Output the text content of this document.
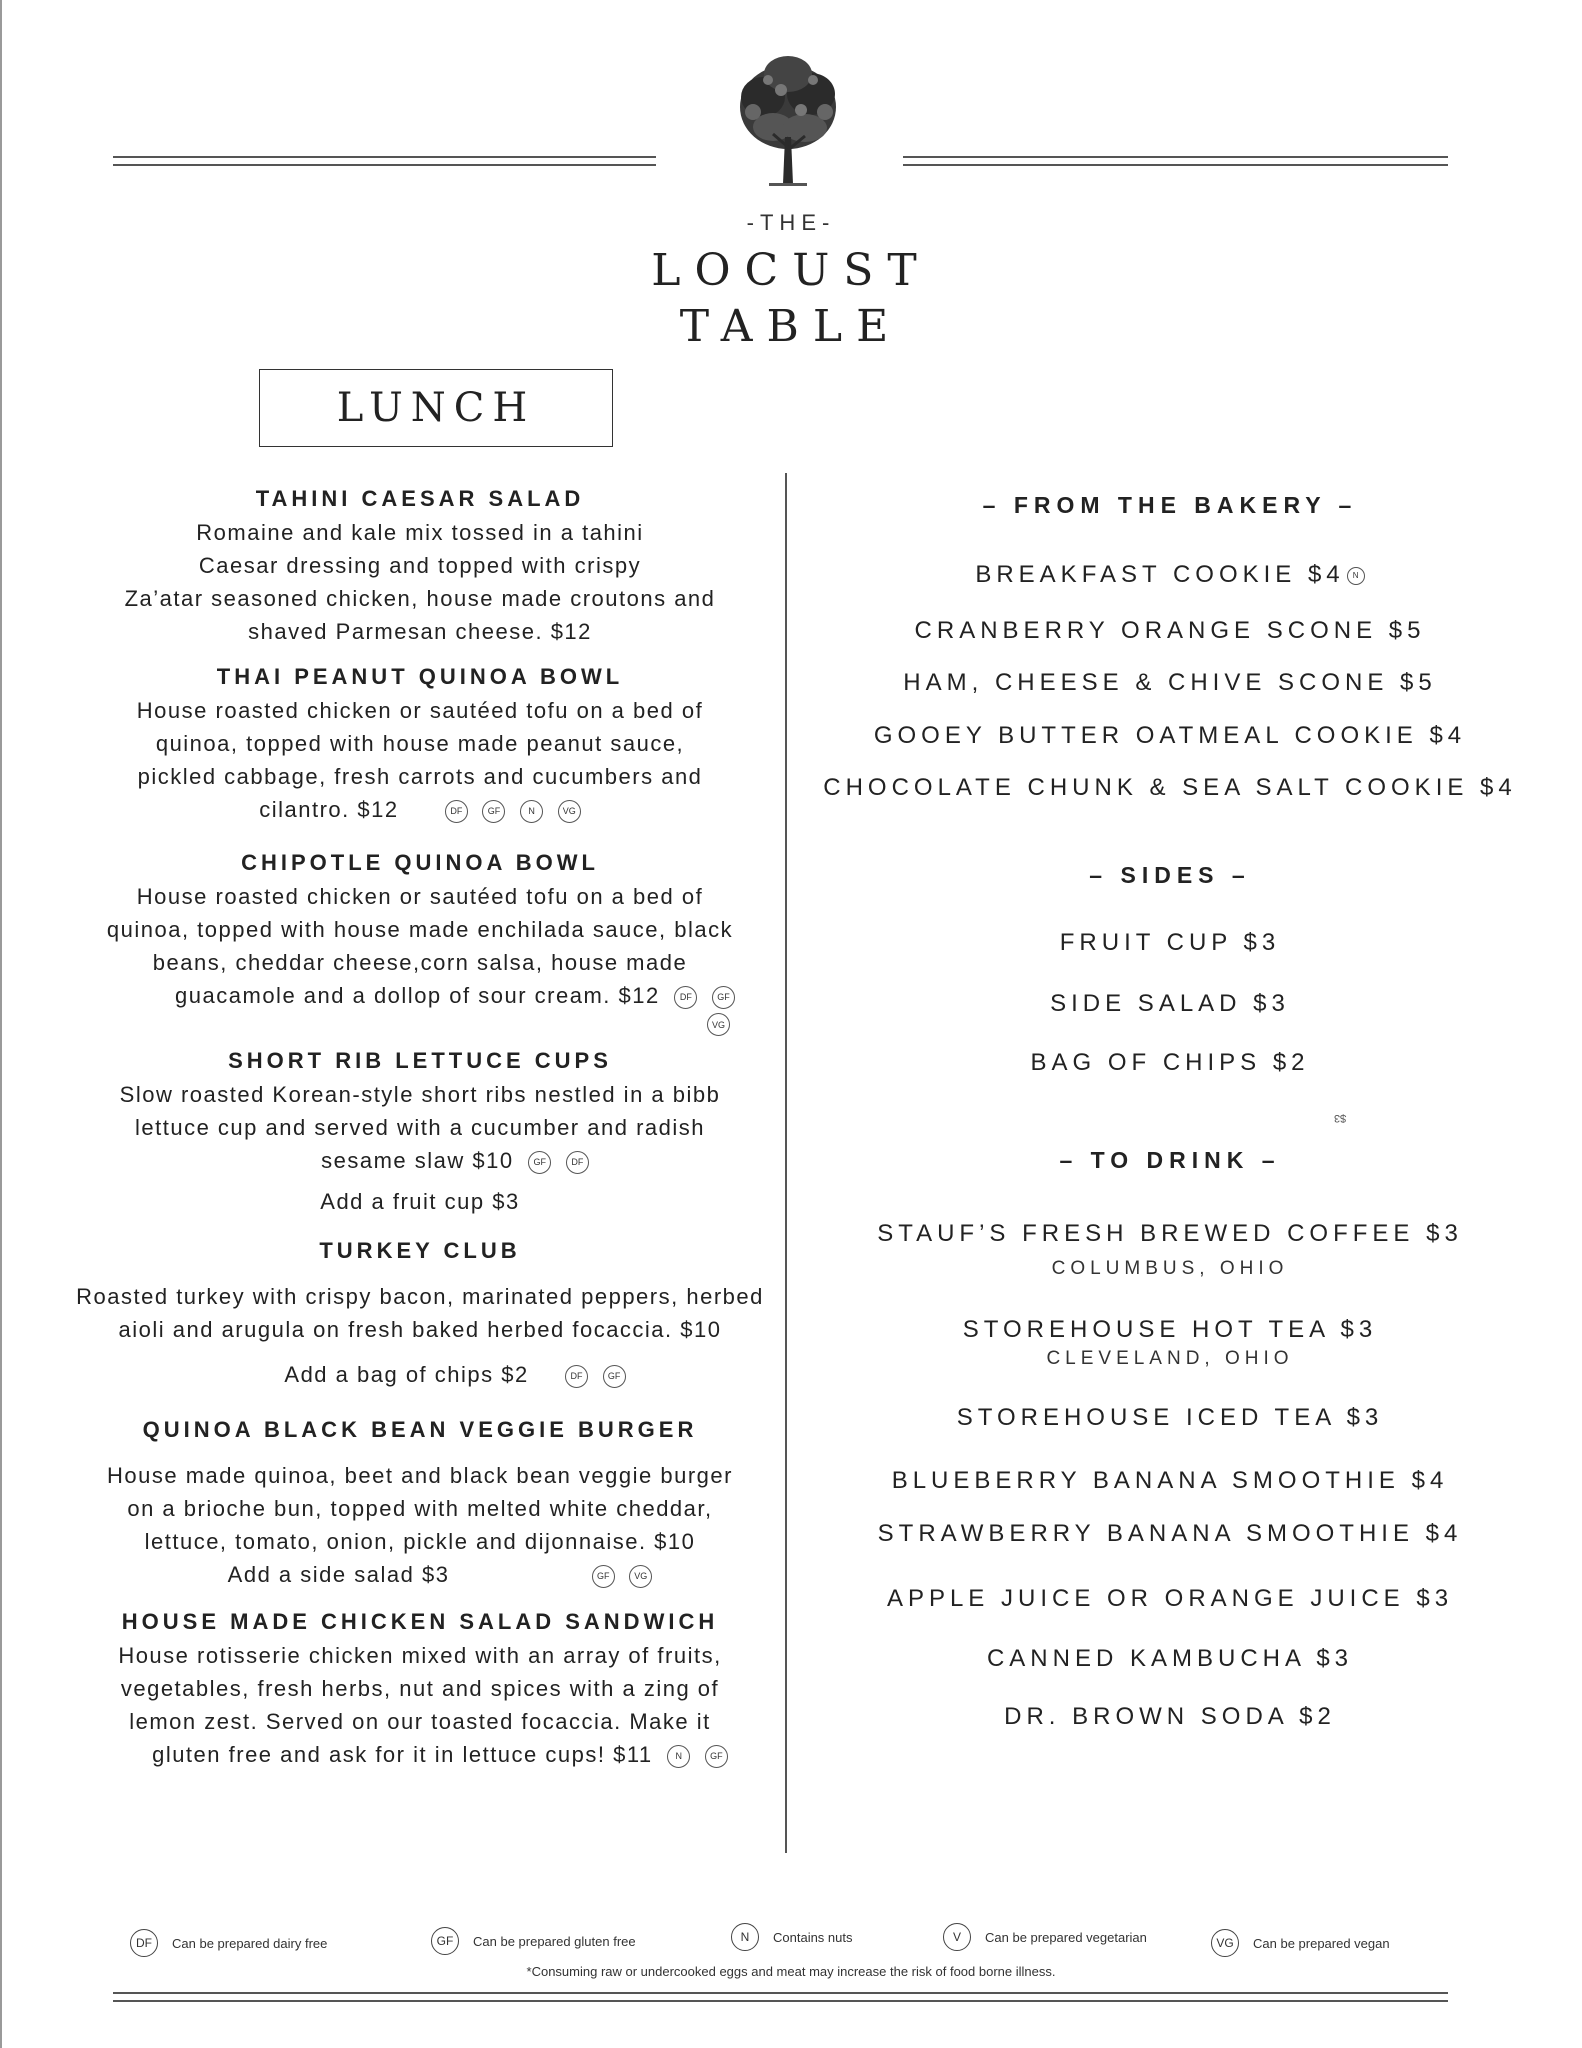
-THE-
LOCUST
TABLE
LUNCH
TAHINI CAESAR SALAD
Romaine and kale mix tossed in a tahini
Caesar dressing and topped with crispy
Za’atar seasoned chicken, house made croutons and
shaved Parmesan cheese. $12
THAI PEANUT QUINOA BOWL
House roasted chicken or sautéed tofu on a bed of
quinoa, topped with house made peanut sauce,
pickled cabbage, fresh carrots and cucumbers and
cilantro. $12	DF	GF	N	VG
CHIPOTLE QUINOA BOWL
House roasted chicken or sautéed tofu on a bed of
quinoa, topped with house made enchilada sauce, black
beans, cheddar cheese,corn salsa, house made
guacamole and a dollop of sour cream. $12 DF	GF
VG
SHORT RIB LETTUCE CUPS
Slow roasted Korean-style short ribs nestled in a bibb
lettuce cup and served with a cucumber and radish
sesame slaw $10 GF	DF
Add a fruit cup $3
TURKEY CLUB
Roasted turkey with crispy bacon, marinated peppers, herbed
aioli and arugula on fresh baked herbed focaccia. $10
Add a bag of chips $2	DF	GF
QUINOA BLACK BEAN VEGGIE BURGER
House made quinoa, beet and black bean veggie burger
on a brioche bun, topped with melted white cheddar,
lettuce, tomato, onion, pickle and dijonnaise. $10
Add a side salad $3	GF	VG
HOUSE MADE CHICKEN SALAD SANDWICH
House rotisserie chicken mixed with an array of fruits,
vegetables, fresh herbs, nut and spices with a zing of
lemon zest. Served on our toasted focaccia. Make it
gluten free and ask for it in lettuce cups! $11	N	GF
– FROM THE BAKERY –
BREAKFAST COOKIE $4 N
CRANBERRY ORANGE SCONE $5
HAM, CHEESE & CHIVE SCONE $5
GOOEY BUTTER OATMEAL COOKIE $4
CHOCOLATE CHUNK & SEA SALT COOKIE $4
– SIDES –
FRUIT CUP $3
SIDE SALAD $3
BAG OF CHIPS $2
$3
– TO DRINK –
STAUF’S FRESH BREWED COFFEE $3
COLUMBUS, OHIO
STOREHOUSE HOT TEA $3
CLEVELAND, OHIO
STOREHOUSE ICED TEA $3
BLUEBERRY BANANA SMOOTHIE $4
STRAWBERRY BANANA SMOOTHIE $4
APPLE JUICE OR ORANGE JUICE $3
CANNED KAMBUCHA $3
DR. BROWN SODA $2
DF	Can be prepared dairy free	GF	Can be prepared gluten free	N	Contains nuts	V	Can be prepared vegetarian	VG	Can be prepared vegan
*Consuming raw or undercooked eggs and meat may increase the risk of food borne illness.
